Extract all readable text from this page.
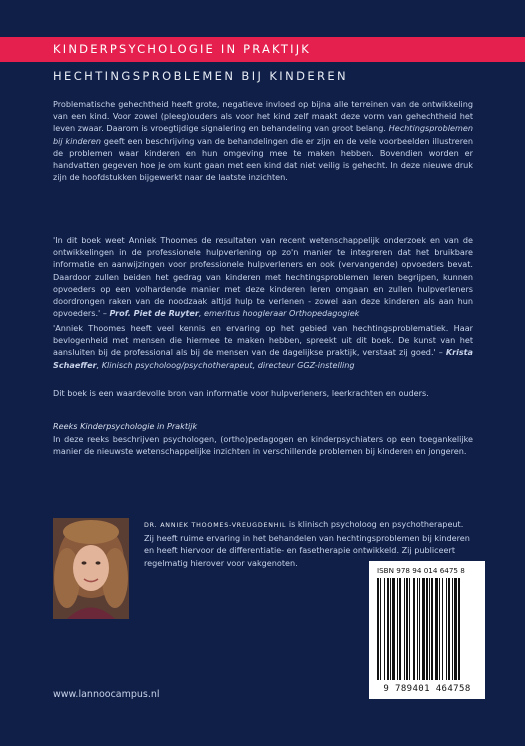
KINDERPSYCHOLOGIE IN PRAKTIJK
HECHTINGSPROBLEMEN BIJ KINDEREN

Problematische gehechtheid heeft grote, negatieve invloed op bijna alle terreinen van de ontwikkeling van een kind. Voor zowel (pleeg)ouders als voor het kind zelf maakt deze vorm van gehechtheid het leven zwaar. Daarom is vroegtijdige signalering en behandeling van groot belang. Hechtingsproblemen bij kinderen geeft een beschrijving van de behandelingen die er zijn en de vele voorbeelden illustreren de problemen waar kinderen en hun omgeving mee te maken hebben. Bovendien worden er handvatten gegeven hoe je om kunt gaan met een kind dat niet veilig is gehecht. In deze nieuwe druk zijn de hoofdstukken bijgewerkt naar de laatste inzichten.

'In dit boek weet Anniek Thoomes de resultaten van recent wetenschappelijk onderzoek en van de ontwikkelingen in de professionele hulpverlening op zo'n manier te integreren dat het bruikbare informatie en aanwijzingen voor professionele hulpverleners en ook (vervangende) opvoeders bevat. Daardoor zullen beiden het gedrag van kinderen met hechtingsproblemen leren begrijpen, kunnen opvoeders op een volhardende manier met deze kinderen leren omgaan en zullen hulpverleners doordrongen raken van de noodzaak altijd hulp te verlenen - zowel aan deze kinderen als aan hun opvoeders.' – Prof. Piet de Ruyter, emeritus hoogleraar Orthopedagogiek

'Anniek Thoomes heeft veel kennis en ervaring op het gebied van hechtingsproblematiek. Haar bevlogenheid met mensen die hiermee te maken hebben, spreekt uit dit boek. De kunst van het aansluiten bij de professional als bij de mensen van de dagelijkse praktijk, verstaat zij goed.' – Krista Schaeffer, Klinisch psycholoog/psychotherapeut, directeur GGZ-instelling

Dit boek is een waardevolle bron van informatie voor hulpverleners, leerkrachten en ouders.

Reeks Kinderpsychologie in Praktijk

In deze reeks beschrijven psychologen, (ortho)pedagogen en kinderpsychiaters op een toegankelijke manier de nieuwste wetenschappelijke inzichten in verschillende problemen bij kinderen en jongeren.

DR. ANNIEK THOOMES-VREUGDENHIL is klinisch psycholoog en psychotherapeut. Zij heeft ruime ervaring in het behandelen van hechtingsproblemen bij kinderen en heeft hiervoor de differentiatie- en fasetherapie ontwikkeld. Zij publiceert regelmatig hierover voor vakgenoten.

ISBN 978 94 014 6475 8
9 789401 464758
www.lannoocampus.nl
